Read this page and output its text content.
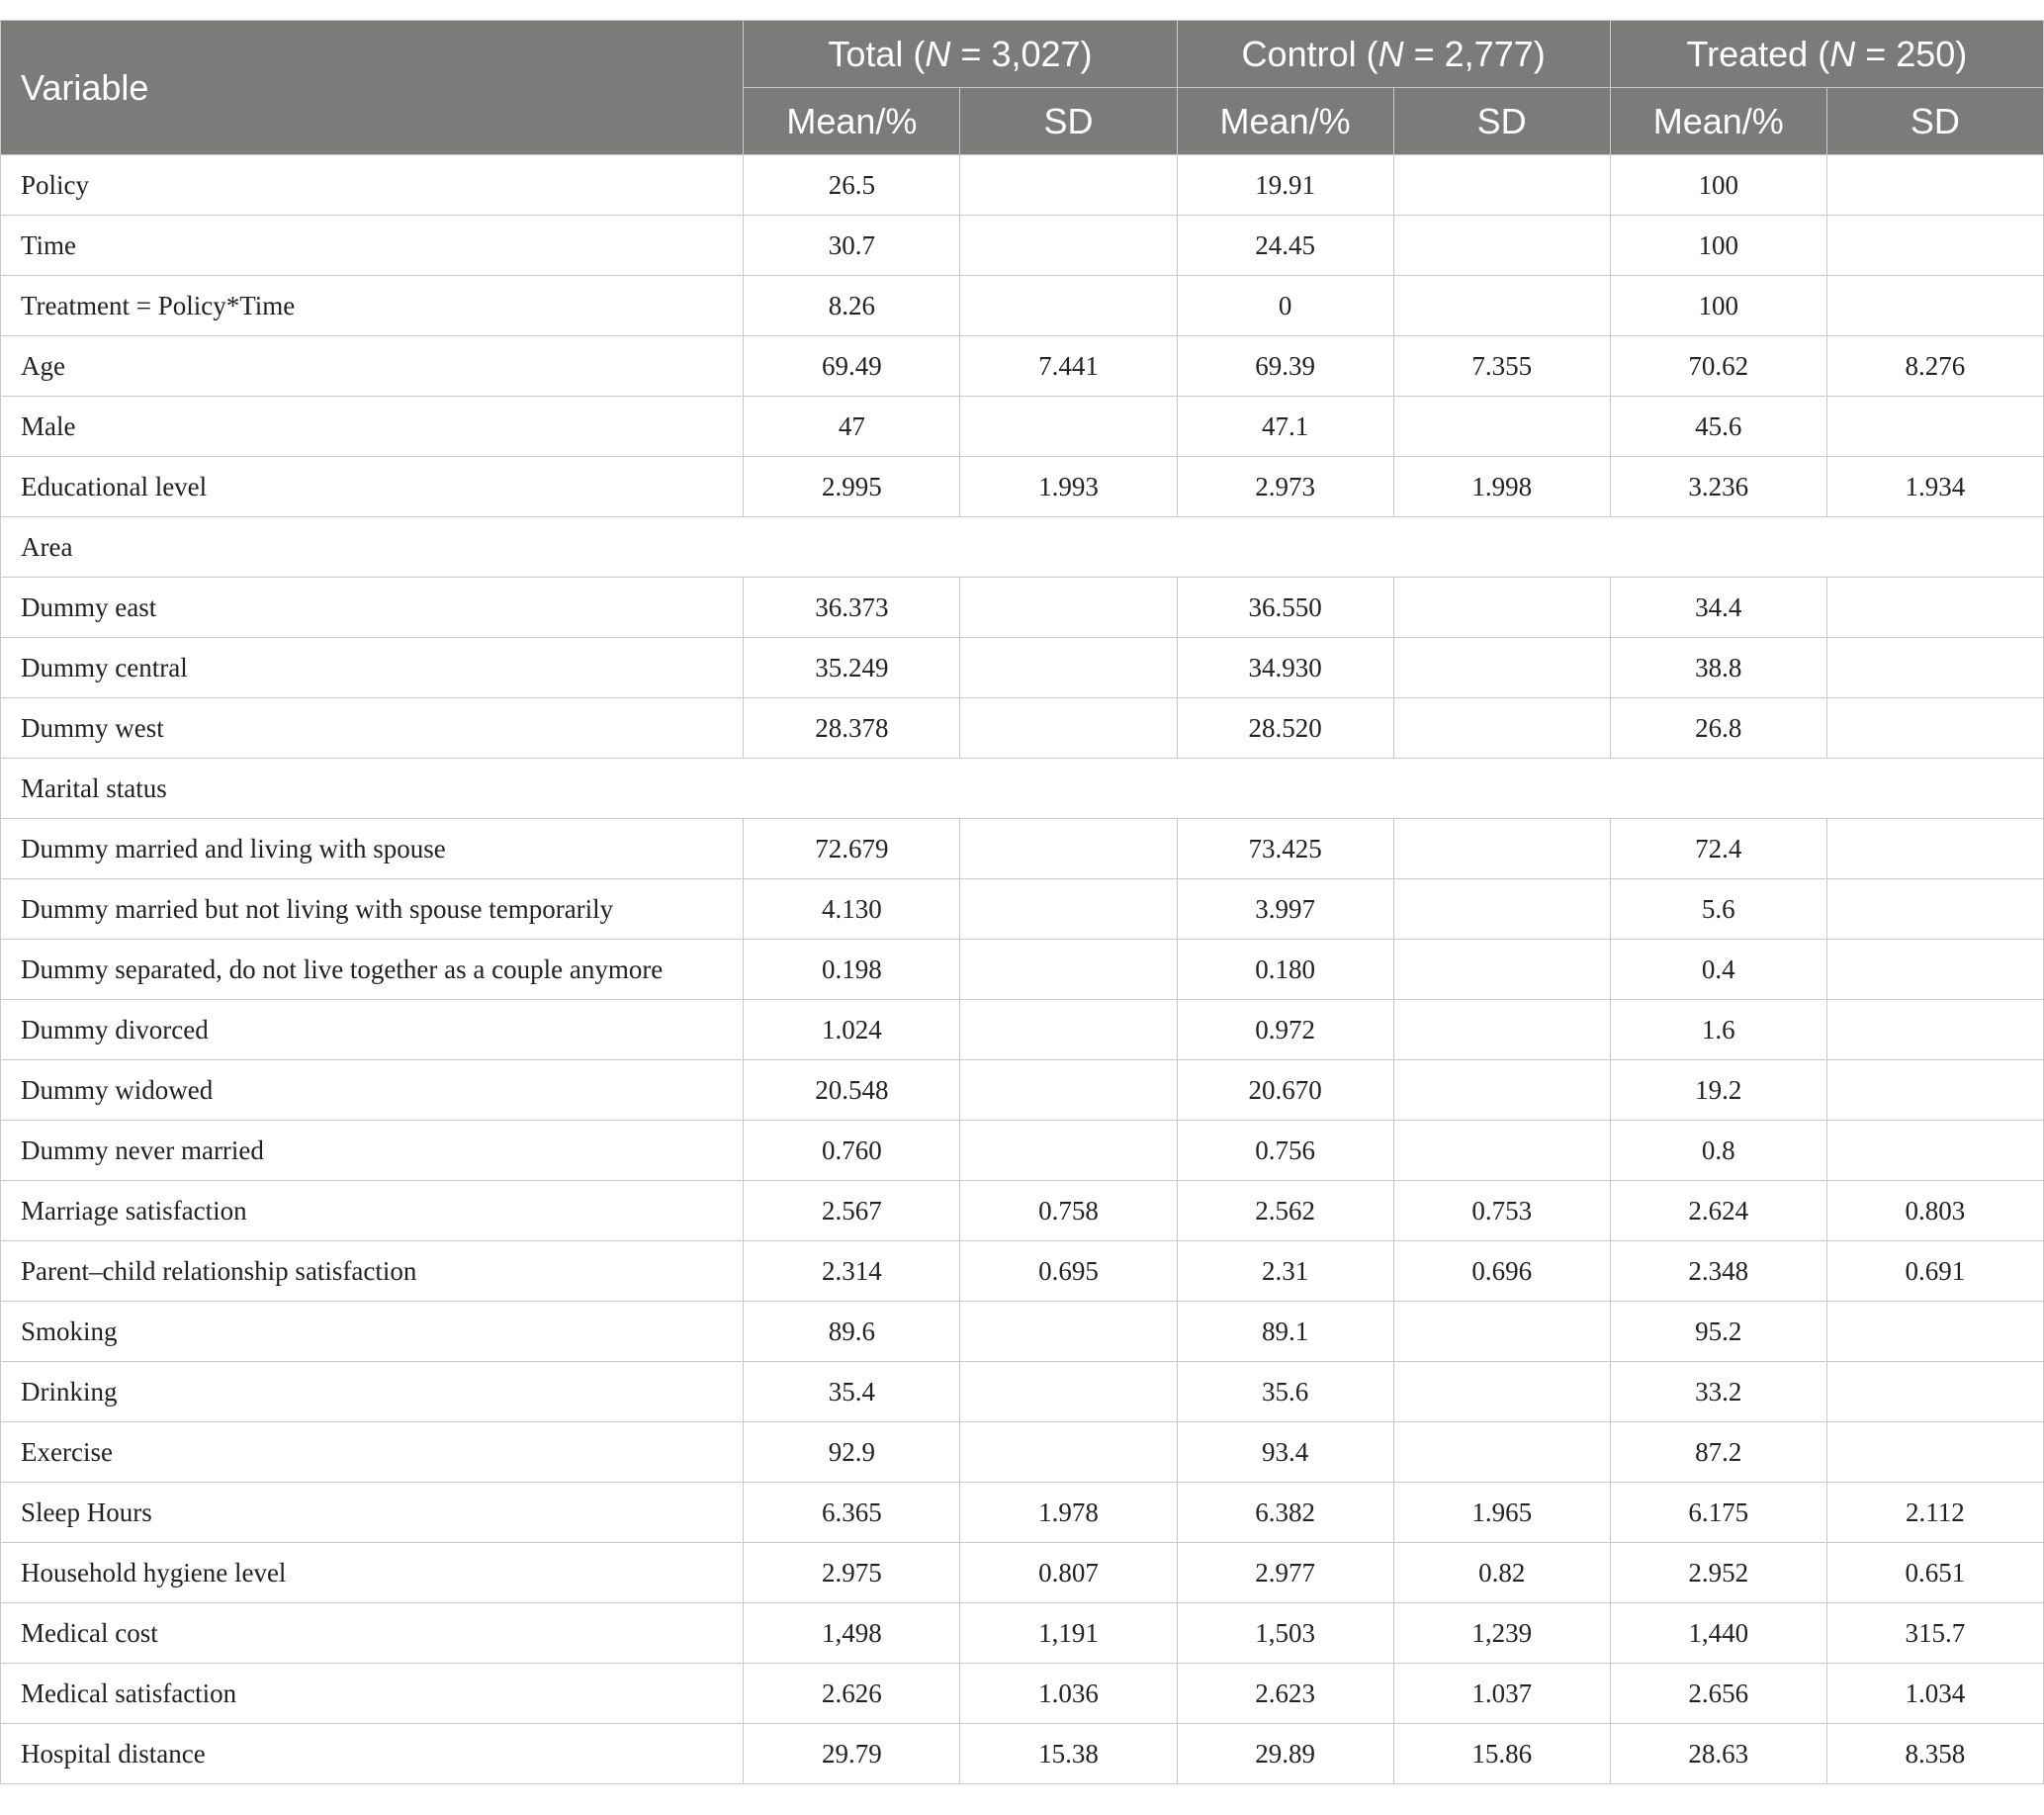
Variable	Total (N = 3,027)		Control (N = 2,777)		Treated (N = 250)	
	Mean/%	SD	Mean/%	SD	Mean/%	SD
Policy	26.5		19.91		100	
Time	30.7		24.45		100	
Treatment = Policy*Time	8.26		0		100	
Age	69.49	7.441	69.39	7.355	70.62	8.276
Male	47		47.1		45.6	
Educational level	2.995	1.993	2.973	1.998	3.236	1.934
Area						
Dummy east	36.373		36.550		34.4	
Dummy central	35.249		34.930		38.8	
Dummy west	28.378		28.520		26.8	
Marital status						
Dummy married and living with spouse	72.679		73.425		72.4	
Dummy married but not living with spouse temporarily	4.130		3.997		5.6	
Dummy separated, do not live together as a couple anymore	0.198		0.180		0.4	
Dummy divorced	1.024		0.972		1.6	
Dummy widowed	20.548		20.670		19.2	
Dummy never married	0.760		0.756		0.8	
Marriage satisfaction	2.567	0.758	2.562	0.753	2.624	0.803
Parent–child relationship satisfaction	2.314	0.695	2.31	0.696	2.348	0.691
Smoking	89.6		89.1		95.2	
Drinking	35.4		35.6		33.2	
Exercise	92.9		93.4		87.2	
Sleep Hours	6.365	1.978	6.382	1.965	6.175	2.112
Household hygiene level	2.975	0.807	2.977	0.82	2.952	0.651
Medical cost	1,498	1,191	1,503	1,239	1,440	315.7
Medical satisfaction	2.626	1.036	2.623	1.037	2.656	1.034
Hospital distance	29.79	15.38	29.89	15.86	28.63	8.358
